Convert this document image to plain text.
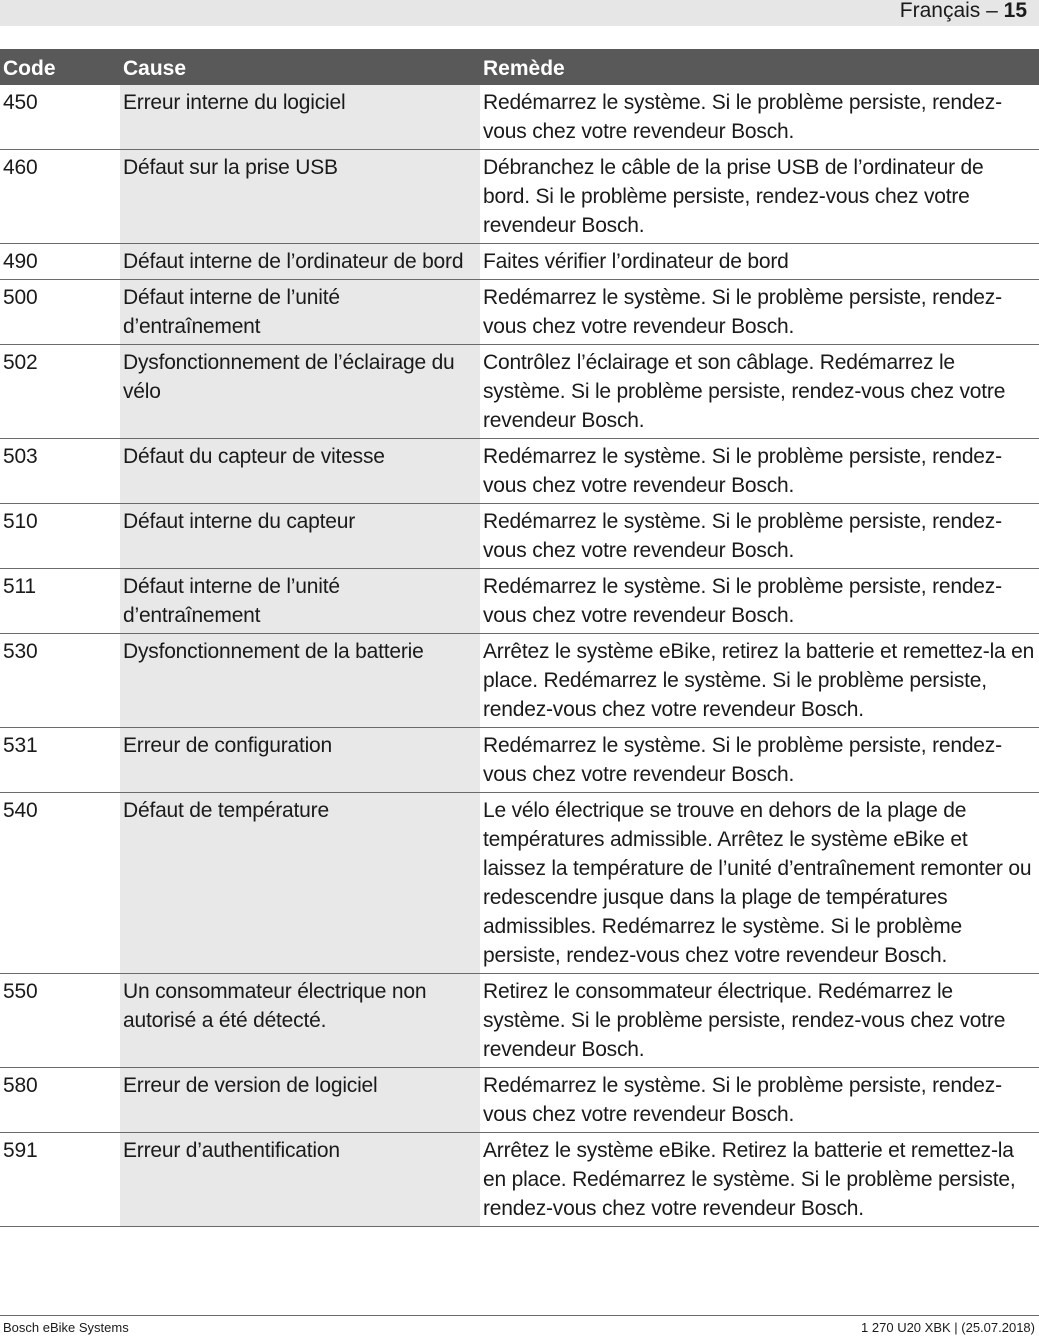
Français – 15
Code	Cause	Remède
450	Erreur interne du logiciel	Redémarrez le système. Si le problème persiste, rendez-vous chez votre revendeur Bosch.
460	Défaut sur la prise USB	Débranchez le câble de la prise USB de l’ordinateur de bord. Si le problème persiste, rendez-vous chez votre revendeur Bosch.
490	Défaut interne de l’ordinateur de bord	Faites vérifier l’ordinateur de bord
500	Défaut interne de l’unité d’entraînement	Redémarrez le système. Si le problème persiste, rendez-vous chez votre revendeur Bosch.
502	Dysfonctionnement de l’éclairage du vélo	Contrôlez l’éclairage et son câblage. Redémarrez le système. Si le problème persiste, rendez-vous chez votre revendeur Bosch.
503	Défaut du capteur de vitesse	Redémarrez le système. Si le problème persiste, rendez-vous chez votre revendeur Bosch.
510	Défaut interne du capteur	Redémarrez le système. Si le problème persiste, rendez-vous chez votre revendeur Bosch.
511	Défaut interne de l’unité d’entraînement	Redémarrez le système. Si le problème persiste, rendez-vous chez votre revendeur Bosch.
530	Dysfonctionnement de la batterie	Arrêtez le système eBike, retirez la batterie et remettez-la en place. Redémarrez le système. Si le problème persiste, rendez-vous chez votre revendeur Bosch.
531	Erreur de configuration	Redémarrez le système. Si le problème persiste, rendez-vous chez votre revendeur Bosch.
540	Défaut de température	Le vélo électrique se trouve en dehors de la plage de températures admissible. Arrêtez le système eBike et laissez la température de l’unité d’entraînement remonter ou redescendre jusque dans la plage de températures admissibles. Redémarrez le système. Si le problème persiste, rendez-vous chez votre revendeur Bosch.
550	Un consommateur électrique non autorisé a été détecté.	Retirez le consommateur électrique. Redémarrez le système. Si le problème persiste, rendez-vous chez votre revendeur Bosch.
580	Erreur de version de logiciel	Redémarrez le système. Si le problème persiste, rendez-vous chez votre revendeur Bosch.
591	Erreur d’authentification	Arrêtez le système eBike. Retirez la batterie et remettez-la en place. Redémarrez le système. Si le problème persiste, rendez-vous chez votre revendeur Bosch.
Bosch eBike Systems	1 270 U20 XBK | (25.07.2018)
